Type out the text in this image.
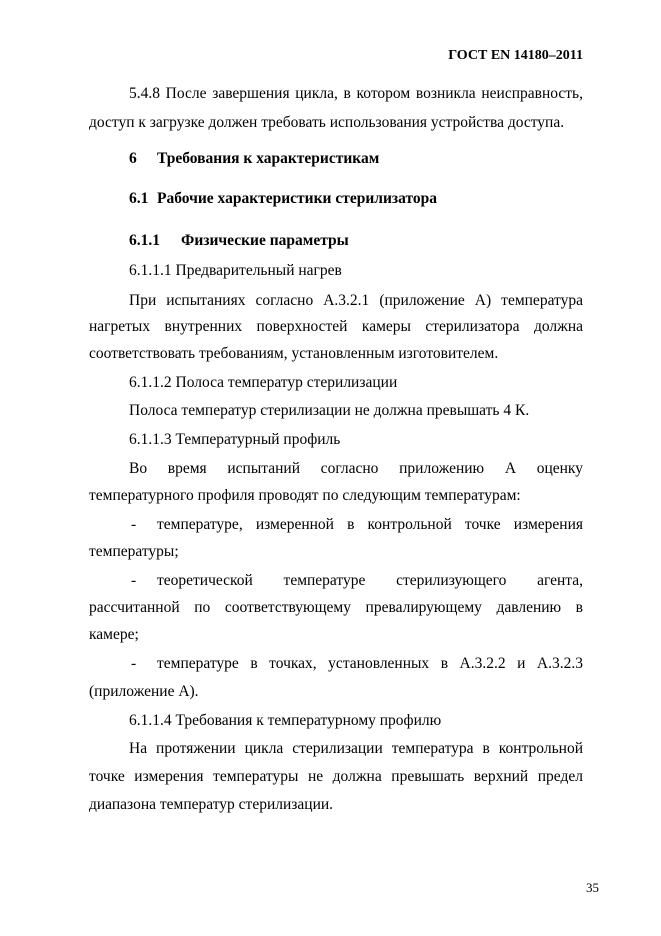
ГОСТ EN 14180–2011
5.4.8 После завершения цикла, в котором возникла неисправность,
доступ к загрузке должен требовать использования устройства доступа.
6 Требования к характеристикам
6.1 Рабочие характеристики стерилизатора
6.1.1 Физические параметры
6.1.1.1 Предварительный нагрев
При испытаниях согласно А.3.2.1 (приложение А) температура
нагретых внутренних поверхностей камеры стерилизатора должна
соответствовать требованиям, установленным изготовителем.
6.1.1.2 Полоса температур стерилизации
Полоса температур стерилизации не должна превышать 4 К.
6.1.1.3 Температурный профиль
Во время испытаний согласно приложению А оценку
температурного профиля проводят по следующим температурам:
- температуре, измеренной в контрольной точке измерения
температуры;
- теоретической температуре стерилизующего агента,
рассчитанной по соответствующему превалирующему давлению в
камере;
- температуре в точках, установленных в А.3.2.2 и А.3.2.3
(приложение А).
6.1.1.4 Требования к температурному профилю
На протяжении цикла стерилизации температура в контрольной
точке измерения температуры не должна превышать верхний предел
диапазона температур стерилизации.
35
